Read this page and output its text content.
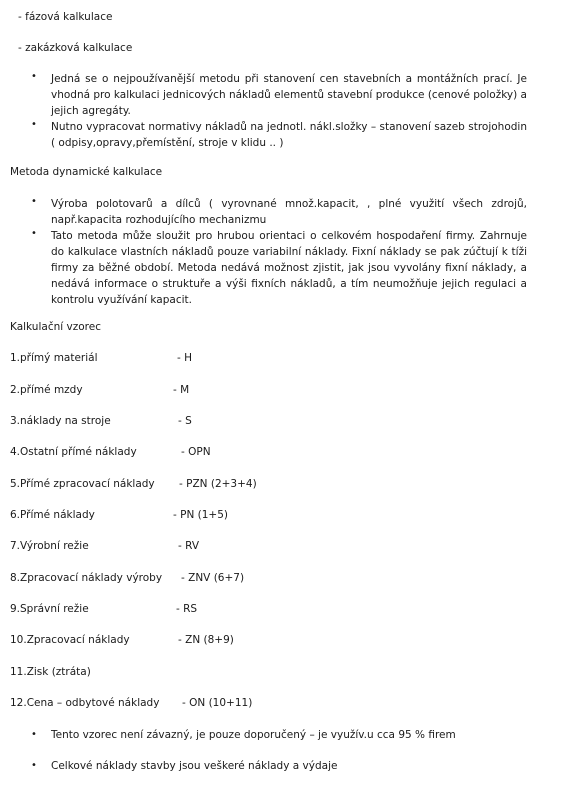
- fázová kalkulace
- zakázková kalkulace
• Jedná se o nejpoužívanější metodu při stanovení cen stavebních a montážních prací. Je vhodná pro kalkulaci jednicových nákladů elementů stavební produkce (cenové položky) a jejich agregáty.
• Nutno vypracovat normativy nákladů na jednotl. nákl.složky – stanovení sazeb strojohodin ( odpisy,opravy,přemístění, stroje v klidu .. )
Metoda dynamické kalkulace
• Výroba polotovarů a dílců ( vyrovnané množ.kapacit, , plné využití všech zdrojů, např.kapacita rozhodujícího mechanizmu
• Tato metoda může sloužit pro hrubou orientaci o celkovém hospodaření firmy. Zahrnuje do kalkulace vlastních nákladů pouze variabilní náklady. Fixní náklady se pak zúčtují k tíži firmy za běžné období. Metoda nedává možnost zjistit, jak jsou vyvolány fixní náklady, a nedává informace o struktuře a výši fixních nákladů, a tím neumožňuje jejich regulaci a kontrolu využívání kapacit.
Kalkulační vzorec
1.přímý materiál	- H
2.přímé mzdy	- M
3.náklady na stroje	- S
4.Ostatní přímé náklady	- OPN
5.Přímé zpracovací náklady - PZN (2+3+4)
6.Přímé náklady	- PN (1+5)
7.Výrobní režie	- RV
8.Zpracovací náklady výroby - ZNV (6+7)
9.Správní režie	- RS
10.Zpracovací náklady	- ZN (8+9)
11.Zisk (ztráta)
12.Cena – odbytové náklady - ON (10+11)
• Tento vzorec není závazný, je pouze doporučený – je využív.u cca 95 % firem
• Celkové náklady stavby jsou veškeré náklady a výdaje
